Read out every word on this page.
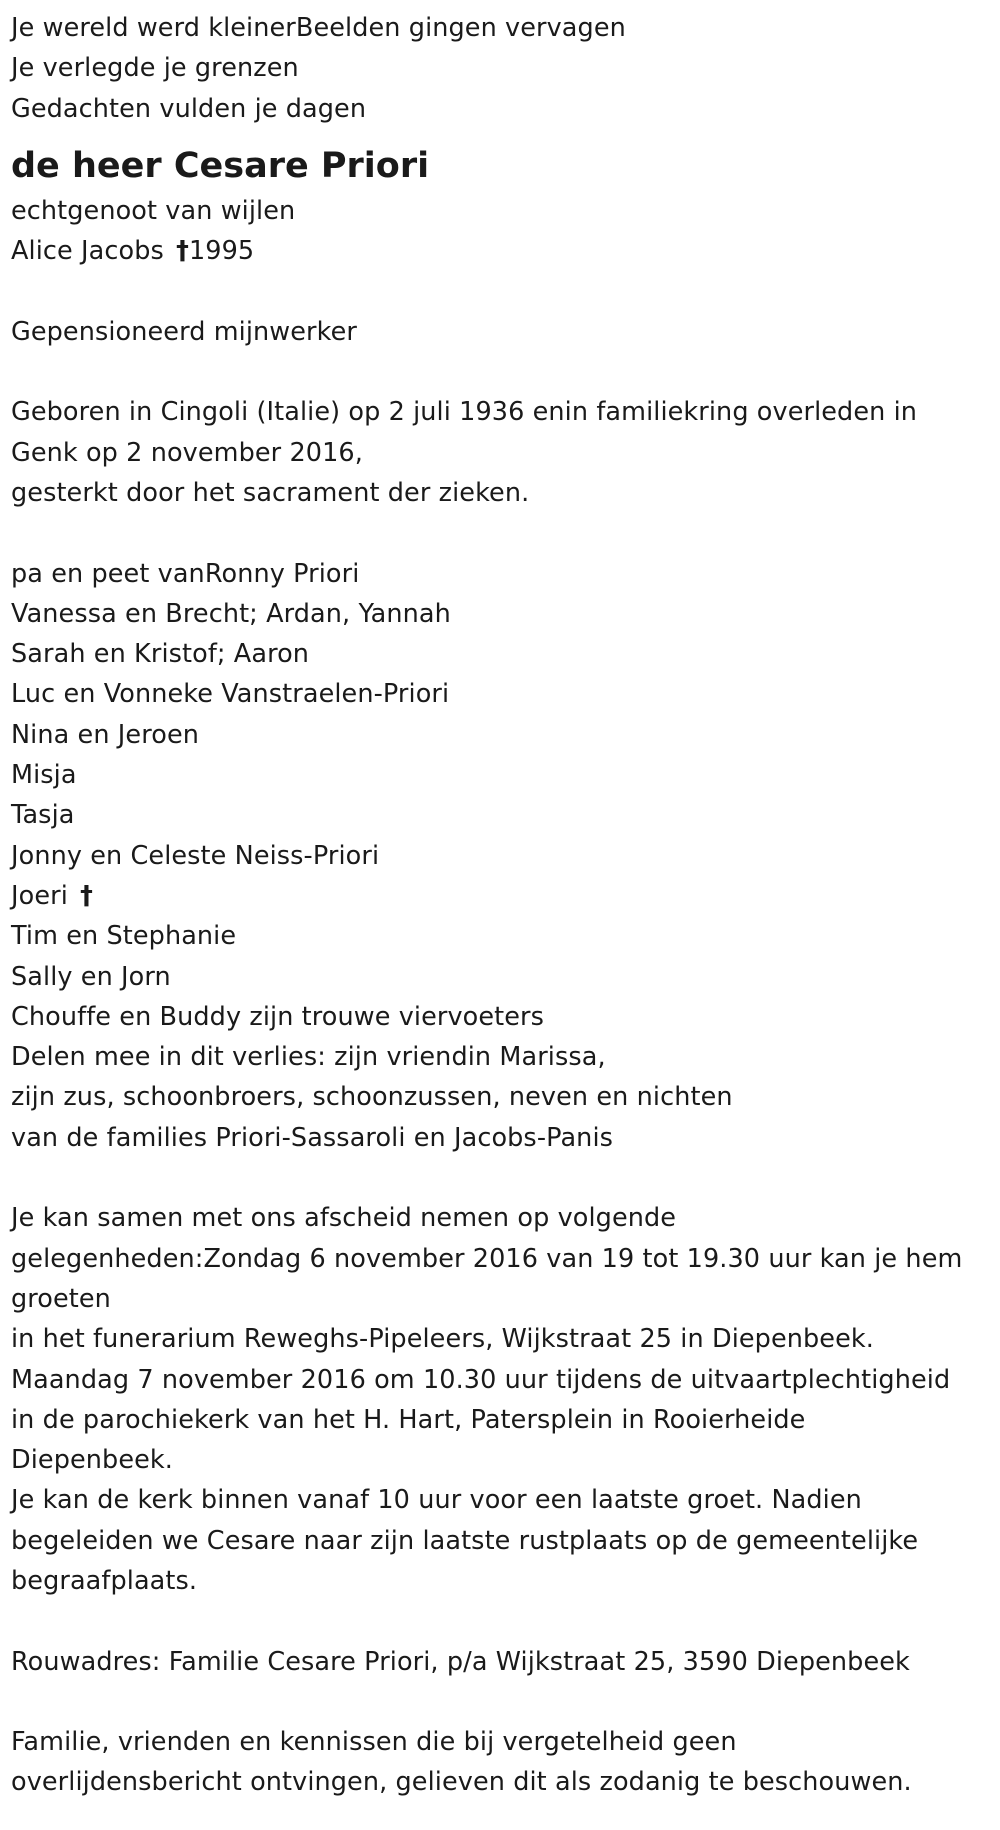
Je wereld werd kleinerBeelden gingen vervagen
Je verlegde je grenzen
Gedachten vulden je dagen
de heer Cesare Priori
echtgenoot van wijlen
Alice Jacobs †1995
Gepensioneerd mijnwerker
Geboren in Cingoli (Italie) op 2 juli 1936 enin familiekring overleden in
Genk op 2 november 2016,
gesterkt door het sacrament der zieken.
pa en peet vanRonny Priori
Vanessa en Brecht; Ardan, Yannah
Sarah en Kristof; Aaron
Luc en Vonneke Vanstraelen-Priori
Nina en Jeroen
Misja
Tasja
Jonny en Celeste Neiss-Priori
Joeri †
Tim en Stephanie
Sally en Jorn
Chouffe en Buddy zijn trouwe viervoeters
Delen mee in dit verlies: zijn vriendin Marissa,
zijn zus, schoonbroers, schoonzussen, neven en nichten
van de families Priori-Sassaroli en Jacobs-Panis
Je kan samen met ons afscheid nemen op volgende
gelegenheden:Zondag 6 november 2016 van 19 tot 19.30 uur kan je hem
groeten
in het funerarium Reweghs-Pipeleers, Wijkstraat 25 in Diepenbeek.
Maandag 7 november 2016 om 10.30 uur tijdens de uitvaartplechtigheid
in de parochiekerk van het H. Hart, Patersplein in Rooierheide
Diepenbeek.
Je kan de kerk binnen vanaf 10 uur voor een laatste groet. Nadien
begeleiden we Cesare naar zijn laatste rustplaats op de gemeentelijke
begraafplaats.
Rouwadres: Familie Cesare Priori, p/a Wijkstraat 25, 3590 Diepenbeek
Familie, vrienden en kennissen die bij vergetelheid geen
overlijdensbericht ontvingen, gelieven dit als zodanig te beschouwen.
